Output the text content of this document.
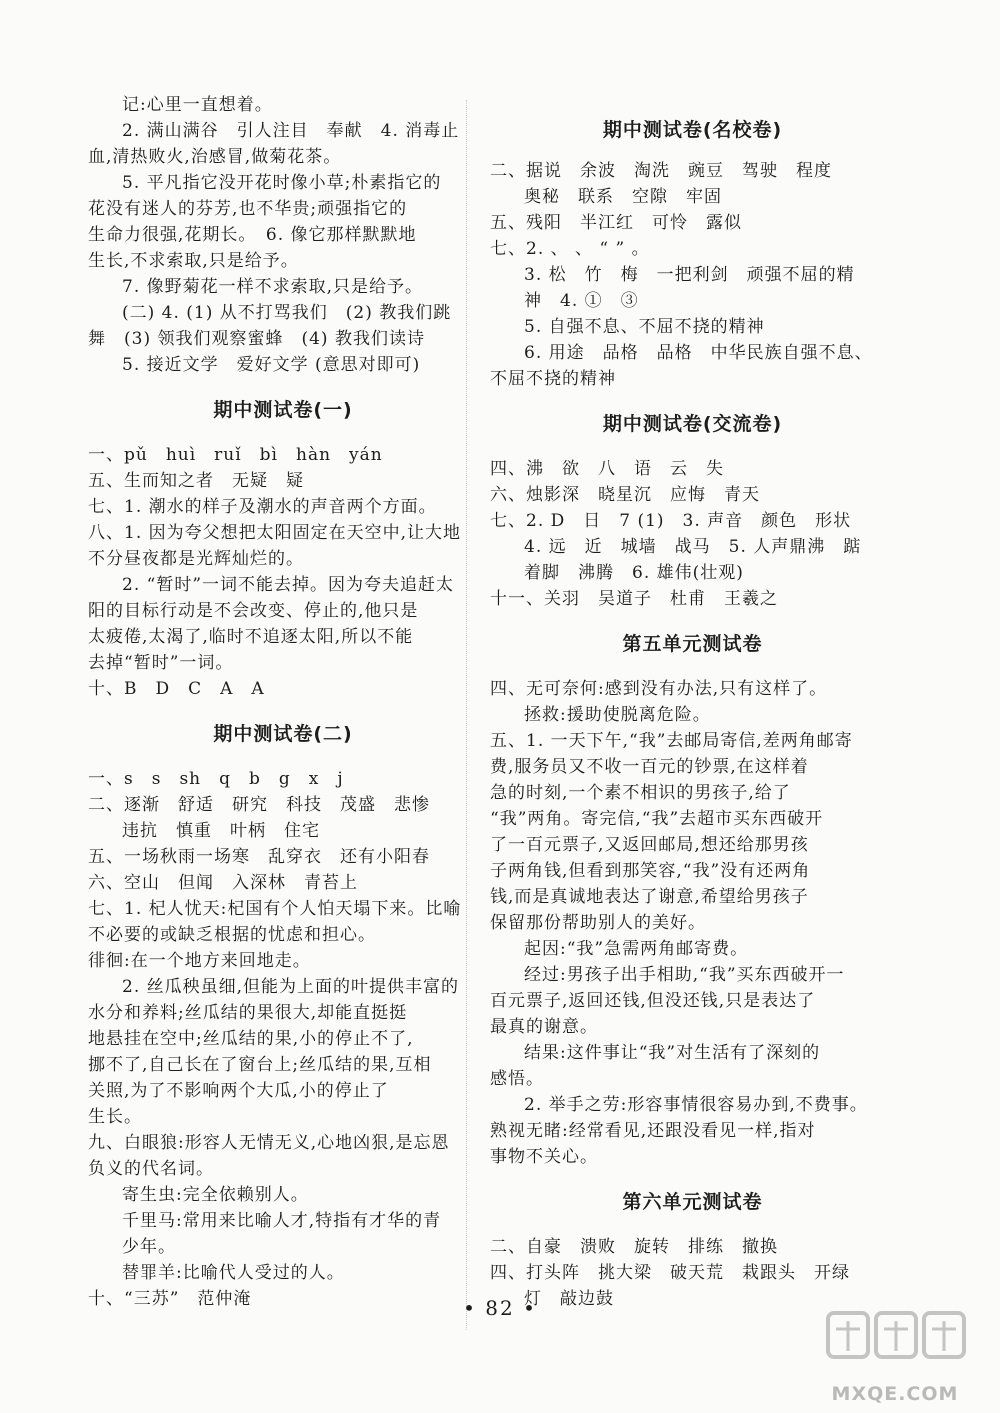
记:心里一直想着。
2. 满山满谷　引人注目　奉献　4. 消毒止
血,清热败火,治感冒,做菊花茶。
5. 平凡指它没开花时像小草;朴素指它的
花没有迷人的芬芳,也不华贵;顽强指它的
生命力很强,花期长。　6. 像它那样默默地
生长,不求索取,只是给予。
7. 像野菊花一样不求索取,只是给予。
(二) 4. (1) 从不打骂我们　(2) 教我们跳
舞　(3) 领我们观察蜜蜂　(4) 教我们读诗
5. 接近文学　爱好文学 (意思对即可)
期中测试卷(一)
一、pǔ　huì　ruǐ　bì　hàn　yán
五、生而知之者　无疑　疑
七、1. 潮水的样子及潮水的声音两个方面。
八、1. 因为夸父想把太阳固定在天空中,让大地
不分昼夜都是光辉灿烂的。
2. “暂时”一词不能去掉。因为夸夫追赶太
阳的目标行动是不会改变、停止的,他只是
太疲倦,太渴了,临时不追逐太阳,所以不能
去掉“暂时”一词。
十、B　D　C　A　A
期中测试卷(二)
一、s　s　sh　q　b　g　x　j
二、逐渐　舒适　研究　科技　茂盛　悲惨
违抗　慎重　叶柄　住宅
五、一场秋雨一场寒　乱穿衣　还有小阳春
六、空山　但闻　入深林　青苔上
七、1. 杞人忧天:杞国有个人怕天塌下来。比喻
不必要的或缺乏根据的忧虑和担心。
徘徊:在一个地方来回地走。
2. 丝瓜秧虽细,但能为上面的叶提供丰富的
水分和养料;丝瓜结的果很大,却能直挺挺
地悬挂在空中;丝瓜结的果,小的停止不了,
挪不了,自己长在了窗台上;丝瓜结的果,互相
关照,为了不影响两个大瓜,小的停止了
生长。
九、白眼狼:形容人无情无义,心地凶狠,是忘恩
负义的代名词。
寄生虫:完全依赖别人。
千里马:常用来比喻人才,特指有才华的青
少年。
替罪羊:比喻代人受过的人。
十、“三苏”　范仲淹
期中测试卷(名校卷)
二、据说　余波　淘洗　豌豆　驾驶　程度
奥秘　联系　空隙　牢固
五、残阳　半江红　可怜　露似
七、2. 、 、 “ ” 。
3. 松　竹　梅　一把利剑　顽强不屈的精
神　4. ①　③
5. 自强不息、不屈不挠的精神
6. 用途　品格　品格　中华民族自强不息、
不屈不挠的精神
期中测试卷(交流卷)
四、沸　欲　八　语　云　失
六、烛影深　晓星沉　应悔　青天
七、2. D　日　7 (1)　3. 声音　颜色　形状
4. 远　近　城墙　战马　5. 人声鼎沸　踮
着脚　沸腾　6. 雄伟(壮观)
十一、关羽　吴道子　杜甫　王羲之
第五单元测试卷
四、无可奈何:感到没有办法,只有这样了。
拯救:援助使脱离危险。
五、1. 一天下午,“我”去邮局寄信,差两角邮寄
费,服务员又不收一百元的钞票,在这样着
急的时刻,一个素不相识的男孩子,给了
“我”两角。寄完信,“我”去超市买东西破开
了一百元票子,又返回邮局,想还给那男孩
子两角钱,但看到那笑容,“我”没有还两角
钱,而是真诚地表达了谢意,希望给男孩子
保留那份帮助别人的美好。
起因:“我”急需两角邮寄费。
经过:男孩子出手相助,“我”买东西破开一
百元票子,返回还钱,但没还钱,只是表达了
最真的谢意。
结果:这件事让“我”对生活有了深刻的
感悟。
2. 举手之劳:形容事情很容易办到,不费事。
熟视无睹:经常看见,还跟没看见一样,指对
事物不关心。
第六单元测试卷
二、自豪　溃败　旋转　排练　撤换
四、打头阵　挑大梁　破天荒　栽跟头　开绿
灯　敲边鼓
• 82 •
MXQE.COM
